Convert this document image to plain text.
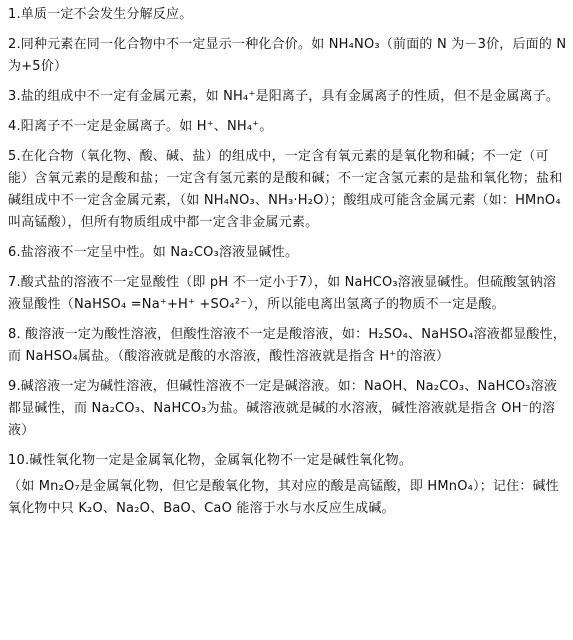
1.单质一定不会发生分解反应。

2.同种元素在同一化合物中不一定显示一种化合价。如 NH₄NO₃（前面的 N 为－3价，后面的 N 为+5价）

3.盐的组成中不一定有金属元素，如 NH₄⁺是阳离子，具有金属离子的性质，但不是金属离子。

4.阳离子不一定是金属离子。如 H⁺、NH₄⁺。

5.在化合物（氧化物、酸、碱、盐）的组成中，一定含有氧元素的是氧化物和碱；不一定（可能）含氧元素的是酸和盐；一定含有氢元素的是酸和碱；不一定含氢元素的是盐和氧化物；盐和碱组成中不一定含金属元素，（如 NH₄NO₃、NH₃·H₂O）；酸组成可能含金属元素（如：HMnO₄叫高锰酸），但所有物质组成中都一定含非金属元素。

6.盐溶液不一定呈中性。如 Na₂CO₃溶液显碱性。

7.酸式盐的溶液不一定显酸性（即 pH 不一定小于7），如 NaHCO₃溶液显碱性。但硫酸氢钠溶液显酸性（NaHSO₄ =Na⁺+H⁺ +SO₄²⁻），所以能电离出氢离子的物质不一定是酸。

8. 酸溶液一定为酸性溶液，但酸性溶液不一定是酸溶液，如：H₂SO₄、NaHSO₄溶液都显酸性，而 NaHSO₄属盐。（酸溶液就是酸的水溶液，酸性溶液就是指含 H⁺的溶液）

9.碱溶液一定为碱性溶液，但碱性溶液不一定是碱溶液。如：NaOH、Na₂CO₃、NaHCO₃溶液都显碱性，而 Na₂CO₃、NaHCO₃为盐。碱溶液就是碱的水溶液，碱性溶液就是指含 OH⁻的溶液）

10.碱性氧化物一定是金属氧化物，金属氧化物不一定是碱性氧化物。

（如 Mn₂O₇是金属氧化物，但它是酸氧化物，其对应的酸是高锰酸，即 HMnO₄）；记住：碱性氧化物中只 K₂O、Na₂O、BaO、CaO 能溶于水与水反应生成碱。
